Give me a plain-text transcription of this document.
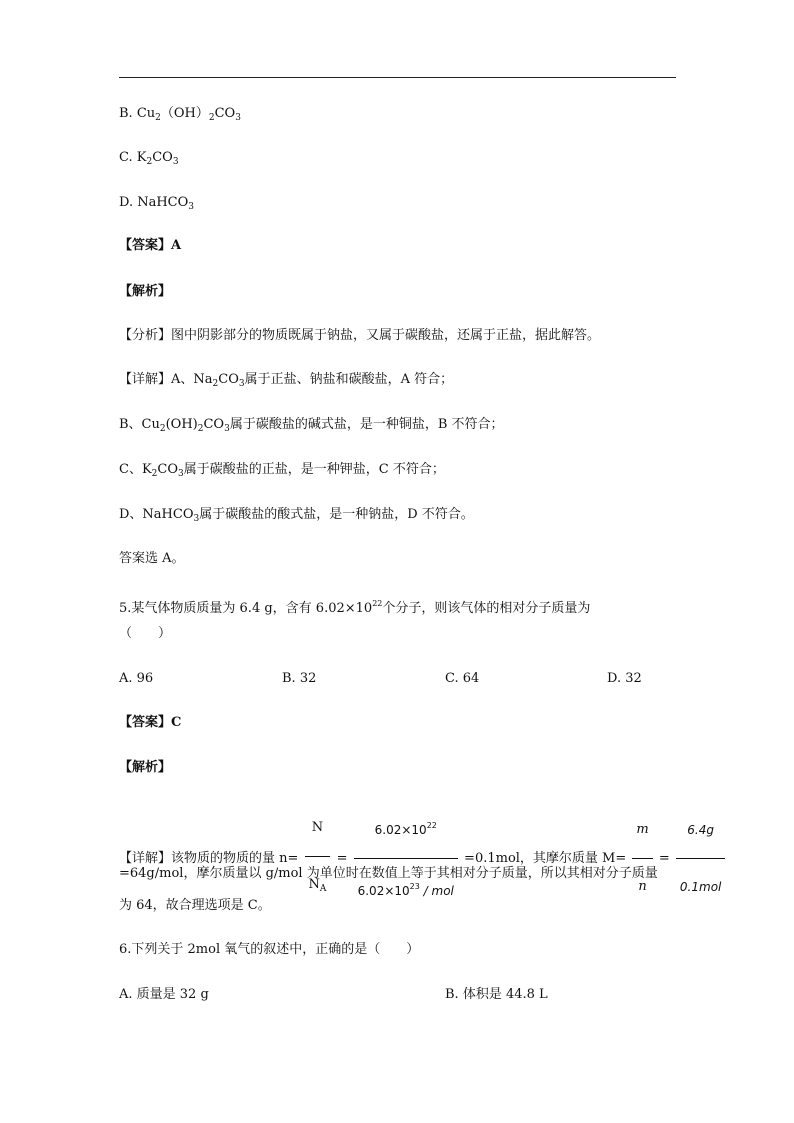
B. $Cu_2(OH)_2CO_3$
C. $K_2CO_3$
D. NaHCO$_3$
【答案】A
【解析】
【分析】图中阴影部分的物质既属于钠盐，又属于碳酸盐，还属于正盐，据此解答。
【详解】A、$Na_2CO_3$属于正盐、钠盐和碳酸盐，A 符合；
B、$Cu_2(OH)_2CO_3$属于碳酸盐的碱式盐，是一种铜盐，B 不符合；
C、$K_2CO_3$属于碳酸盐的正盐，是一种钾盐，C 不符合；
D、NaHCO$_3$属于碳酸盐的酸式盐，是一种钠盐，D 不符合。
答案选 A。
5.某气体物质质量为 6.4 g，含有 $6.02\times 10^{22}$个分子，则该气体的相对分子质量为
（　　）
A. 96	B. 32	C. 64	D. 32
【答案】C
【解析】
【详解】该物质的物质的量 $n= \frac{N}{N_A} = \frac{6.02\times 10^{22}}{6.02\times 10^{23} / mol} =0.1mol$，其摩尔质量 $M= \frac{m}{n} = \frac{6.4g}{\text{0.1mol}}$
=64g/mol，摩尔质量以 g/mol 为单位时在数值上等于其相对分子质量，所以其相对分子质量
为 64，故合理选项是 C。
6.下列关于 2mol 氧气的叙述中，正确的是（　　）
A. 质量是 32 g	B. 体积是 44.8 L
